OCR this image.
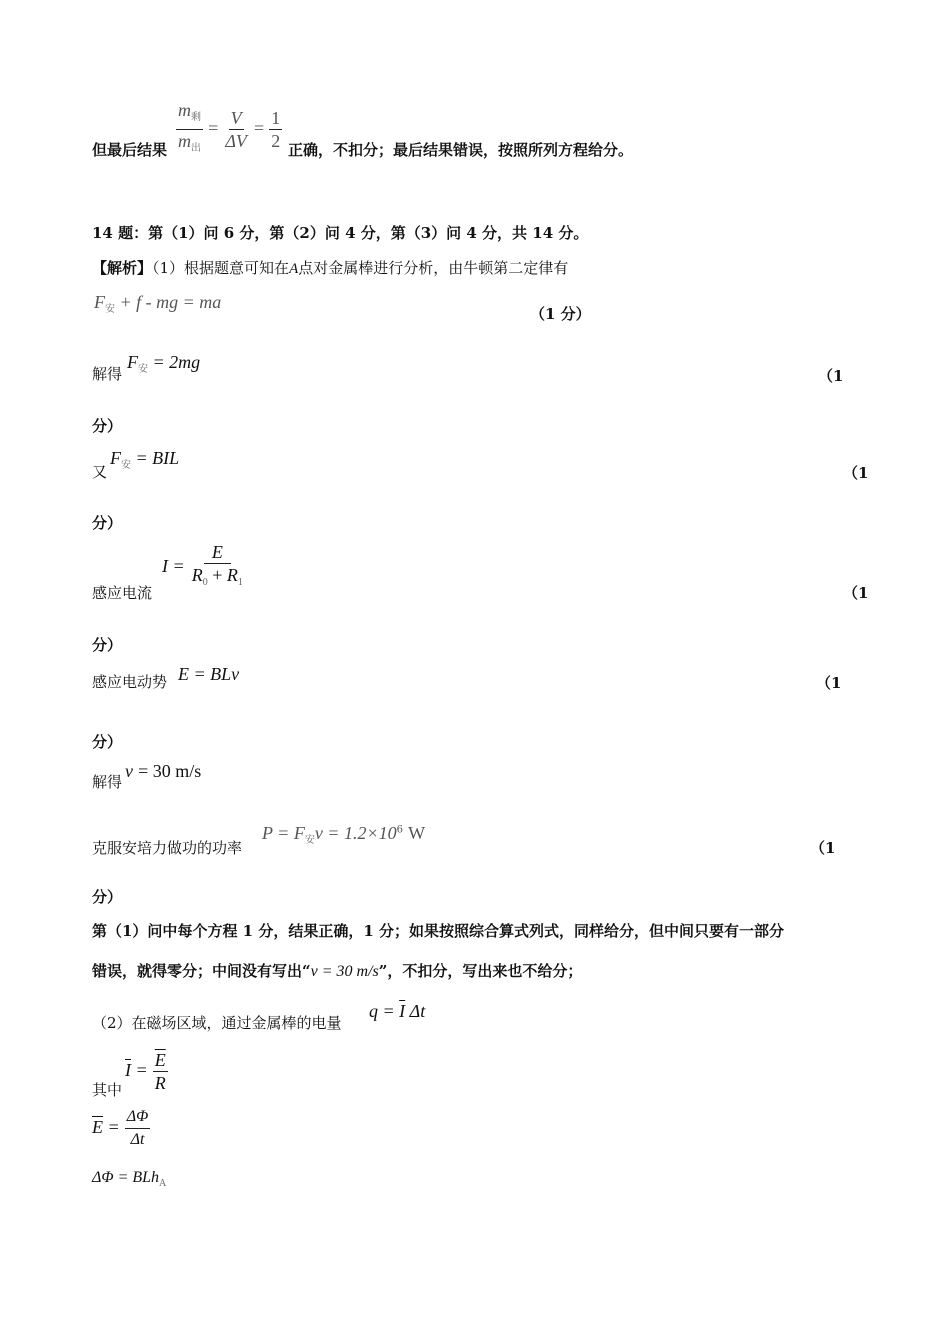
但最后结果 $\frac{m_剩}{m_出} = \frac{V}{\Delta V} = \frac{1}{2}$ 正确，不扣分；最后结果错误，按照所列方程给分。
14 题：第（1）问 6 分，第（2）问 4 分，第（3）问 4 分，共 14 分。
【解析】（1）根据题意可知在A点对金属棒进行分析，由牛顿第二定律有
$F_安 + f$ - mg = ma
（1 分）
解得
$F_安 = 2mg$
（1
分）
又
$F_安$ = BIL
（1
分）
感应电流
$I = \frac{E}{R_0 + R_1}$	（1
分）
感应电动势 E = BLv	（1
分）
解得
v = 30 m/s
克服安培力做功的功率
$P = F_安v = 1.2\times 10^6$ W
（1
分）
第（1）问中每个方程 1 分，结果正确，1 分；如果按照综合算式列式，同样给分，但中间只要有一部分
错误，就得零分；中间没有写出“v = 30 m/s”，不扣分，写出来也不给分；
（2）在磁场区域，通过金属棒的电量
$q = \overline{I}$ Δt
其中
$\overline{I} = \frac{\overline{E}}{R}$
$\overline{E} = \frac{\Delta\Phi}{\Delta t}$
ΔΦ = BLh$_A$
